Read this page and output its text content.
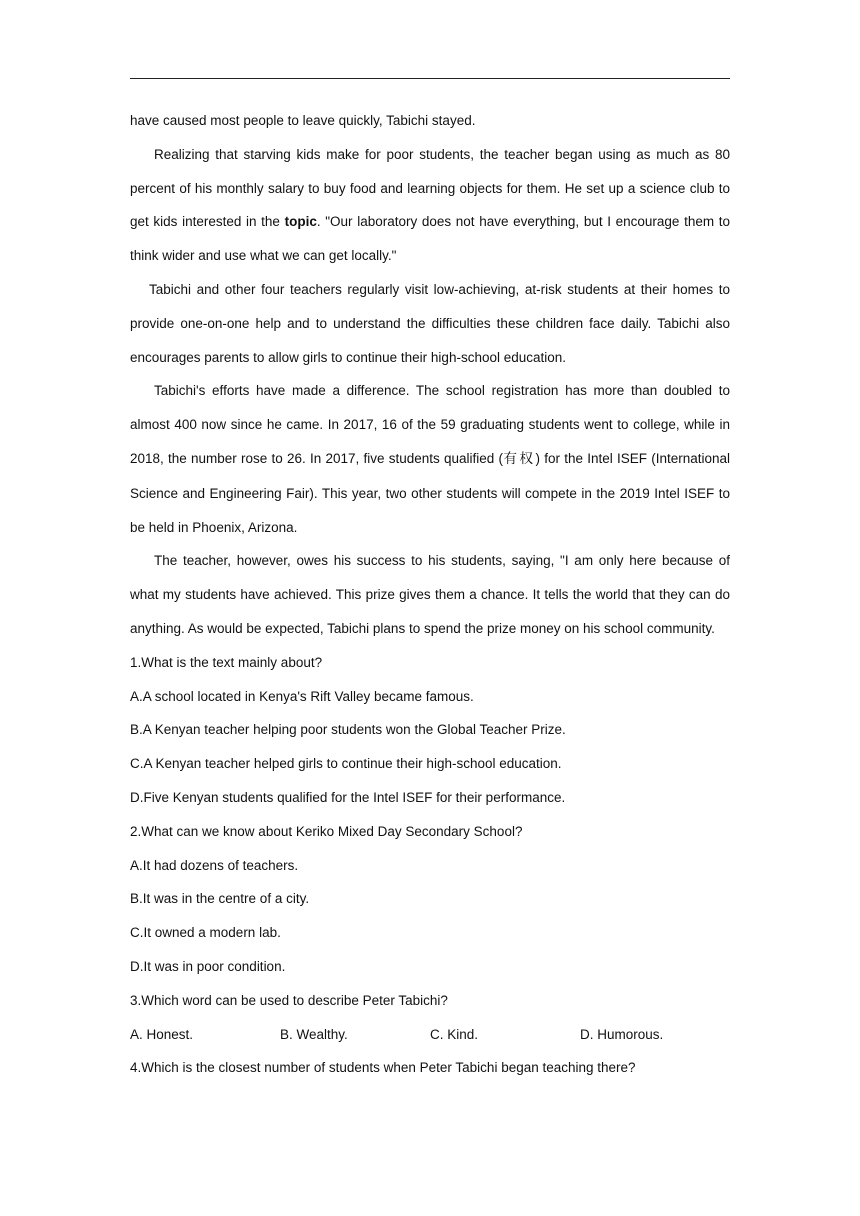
have caused most people to leave quickly, Tabichi stayed.

Realizing that starving kids make for poor students, the teacher began using as much as 80 percent of his monthly salary to buy food and learning objects for them. He set up a science club to get kids interested in the topic. "Our laboratory does not have everything, but I encourage them to think wider and use what we can get locally."

Tabichi and other four teachers regularly visit low-achieving, at-risk students at their homes to provide one-on-one help and to understand the difficulties these children face daily. Tabichi also encourages parents to allow girls to continue their high-school education.

Tabichi's efforts have made a difference. The school registration has more than doubled to almost 400 now since he came. In 2017, 16 of the 59 graduating students went to college, while in 2018, the number rose to 26. In 2017, five students qualified (有权) for the Intel ISEF (International Science and Engineering Fair). This year, two other students will compete in the 2019 Intel ISEF to be held in Phoenix, Arizona.

The teacher, however, owes his success to his students, saying, "I am only here because of what my students have achieved. This prize gives them a chance. It tells the world that they can do anything. As would be expected, Tabichi plans to spend the prize money on his school community.

1.What is the text mainly about?

A.A school located in Kenya's Rift Valley became famous.

B.A Kenyan teacher helping poor students won the Global Teacher Prize.

C.A Kenyan teacher helped girls to continue their high-school education.

D.Five Kenyan students qualified for the Intel ISEF for their performance.

2.What can we know about Keriko Mixed Day Secondary School?

A.It had dozens of teachers.

B.It was in the centre of a city.

C.It owned a modern lab.

D.It was in poor condition.

3.Which word can be used to describe Peter Tabichi?

A. Honest.	B. Wealthy.	C. Kind.	D. Humorous.

4.Which is the closest number of students when Peter Tabichi began teaching there?
